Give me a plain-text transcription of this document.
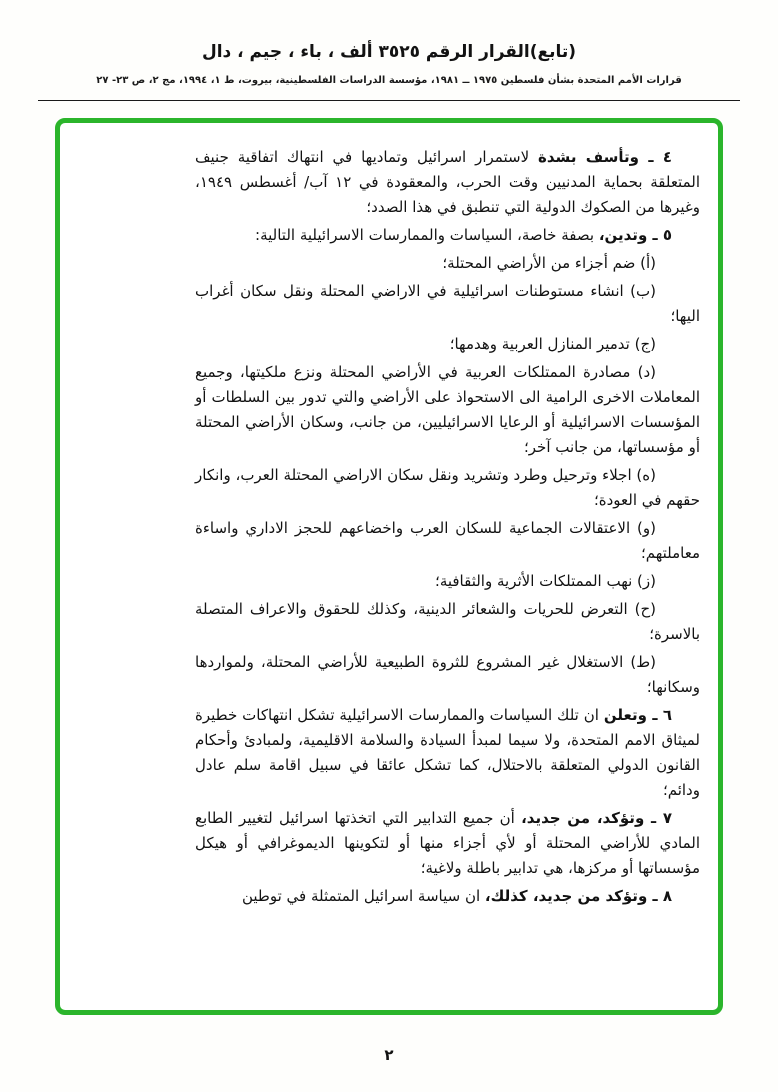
(تابع)القرار الرقم ٣٥٢٥ ألف ، باء ، جيم ، دال
قرارات الأمم المتحدة بشأن فلسطين ١٩٧٥ ــ ١٩٨١، مؤسسة الدراسات الفلسطينية، بيروت، ط ١، ١٩٩٤، مج ٢، ص ٢٣- ٢٧

٤ ـ وتأسف بشدة لاستمرار اسرائيل وتماديها في انتهاك اتفاقية جنيف المتعلقة بحماية المدنيين وقت الحرب، والمعقودة في ١٢ آب/ أغسطس ١٩٤٩، وغيرها من الصكوك الدولية التي تنطبق في هذا الصدد؛

٥ ـ وتدين، بصفة خاصة، السياسات والممارسات الاسرائيلية التالية:

(أ) ضم أجزاء من الأراضي المحتلة؛

(ب) انشاء مستوطنات اسرائيلية في الاراضي المحتلة ونقل سكان أغراب اليها؛

(ج) تدمير المنازل العربية وهدمها؛

(د) مصادرة الممتلكات العربية في الأراضي المحتلة ونزع ملكيتها، وجميع المعاملات الاخرى الرامية الى الاستحواذ على الأراضي والتي تدور بين السلطات أو المؤسسات الاسرائيلية أو الرعايا الاسرائيليين، من جانب، وسكان الأراضي المحتلة أو مؤسساتها، من جانب آخر؛

(ه) اجلاء وترحيل وطرد وتشريد ونقل سكان الاراضي المحتلة العرب، وانكار حقهم في العودة؛

(و) الاعتقالات الجماعية للسكان العرب واخضاعهم للحجز الاداري واساءة معاملتهم؛

(ز) نهب الممتلكات الأثرية والثقافية؛

(ح) التعرض للحريات والشعائر الدينية، وكذلك للحقوق والاعراف المتصلة بالاسرة؛

(ط) الاستغلال غير المشروع للثروة الطبيعية للأراضي المحتلة، ولمواردها وسكانها؛

٦ ـ وتعلن ان تلك السياسات والممارسات الاسرائيلية تشكل انتهاكات خطيرة لميثاق الامم المتحدة، ولا سيما لمبدأ السيادة والسلامة الاقليمية، ولمبادئ وأحكام القانون الدولي المتعلقة بالاحتلال، كما تشكل عائقا في سبيل اقامة سلم عادل ودائم؛

٧ ـ وتؤكد، من جديد، أن جميع التدابير التي اتخذتها اسرائيل لتغيير الطابع المادي للأراضي المحتلة أو لأي أجزاء منها أو لتكوينها الديموغرافي أو هيكل مؤسساتها أو مركزها، هي تدابير باطلة ولاغية؛

٨ ـ وتؤكد من جديد، كذلك، ان سياسة اسرائيل المتمثلة في توطين

٢
